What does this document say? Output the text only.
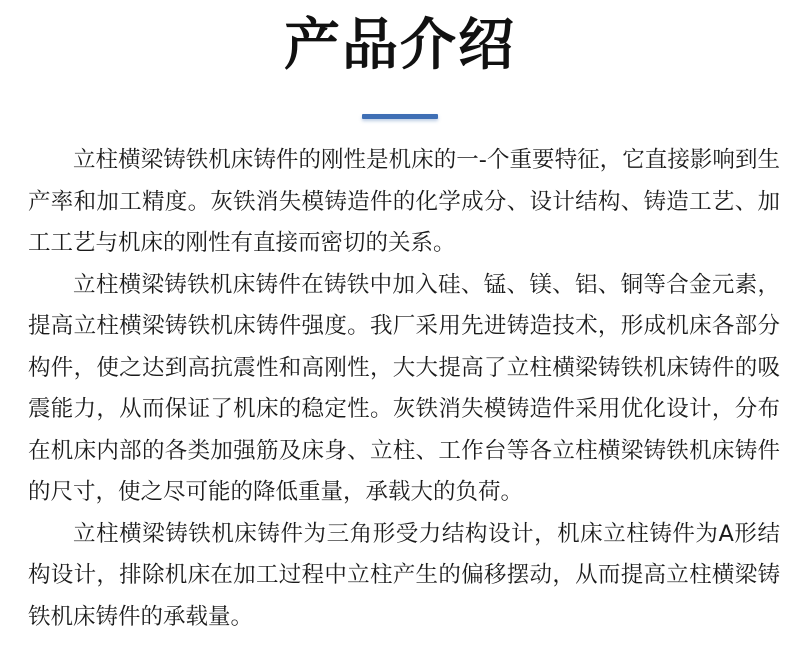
产品介绍

立柱横梁铸铁机床铸件的刚性是机床的一-个重要特征，它直接影响到生产率和加工精度。灰铁消失模铸造件的化学成分、设计结构、铸造工艺、加工工艺与机床的刚性有直接而密切的关系。

立柱横梁铸铁机床铸件在铸铁中加入硅、锰、镁、铝、铜等合金元素，提高立柱横梁铸铁机床铸件强度。我厂采用先进铸造技术，形成机床各部分构件，使之达到高抗震性和高刚性，大大提高了立柱横梁铸铁机床铸件的吸震能力，从而保证了机床的稳定性。灰铁消失模铸造件采用优化设计，分布在机床内部的各类加强筋及床身、立柱、工作台等各立柱横梁铸铁机床铸件的尺寸，使之尽可能的降低重量，承载大的负荷。

立柱横梁铸铁机床铸件为三角形受力结构设计，机床立柱铸件为A形结构设计，排除机床在加工过程中立柱产生的偏移摆动，从而提高立柱横梁铸铁机床铸件的承载量。
